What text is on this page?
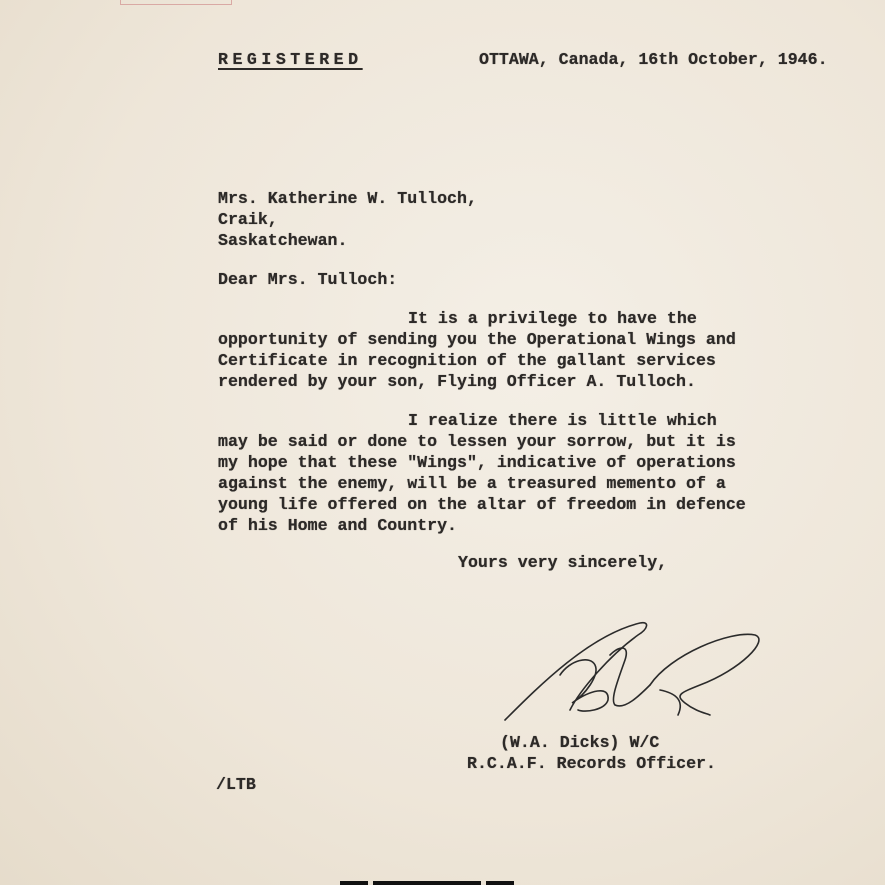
REGISTERED	OTTAWA, Canada, 16th October, 1946.
Mrs. Katherine W. Tulloch,
Craik,
Saskatchewan.
Dear Mrs. Tulloch:
It is a privilege to have the
opportunity of sending you the Operational Wings and
Certificate in recognition of the gallant services
rendered by your son, Flying Officer A. Tulloch.
I realize there is little which
may be said or done to lessen your sorrow, but it is
my hope that these "Wings", indicative of operations
against the enemy, will be a treasured memento of a
young life offered on the altar of freedom in defence
of his Home and Country.
Yours very sincerely,
(W.A. Dicks) W/C
R.C.A.F. Records Officer.
/LTB
